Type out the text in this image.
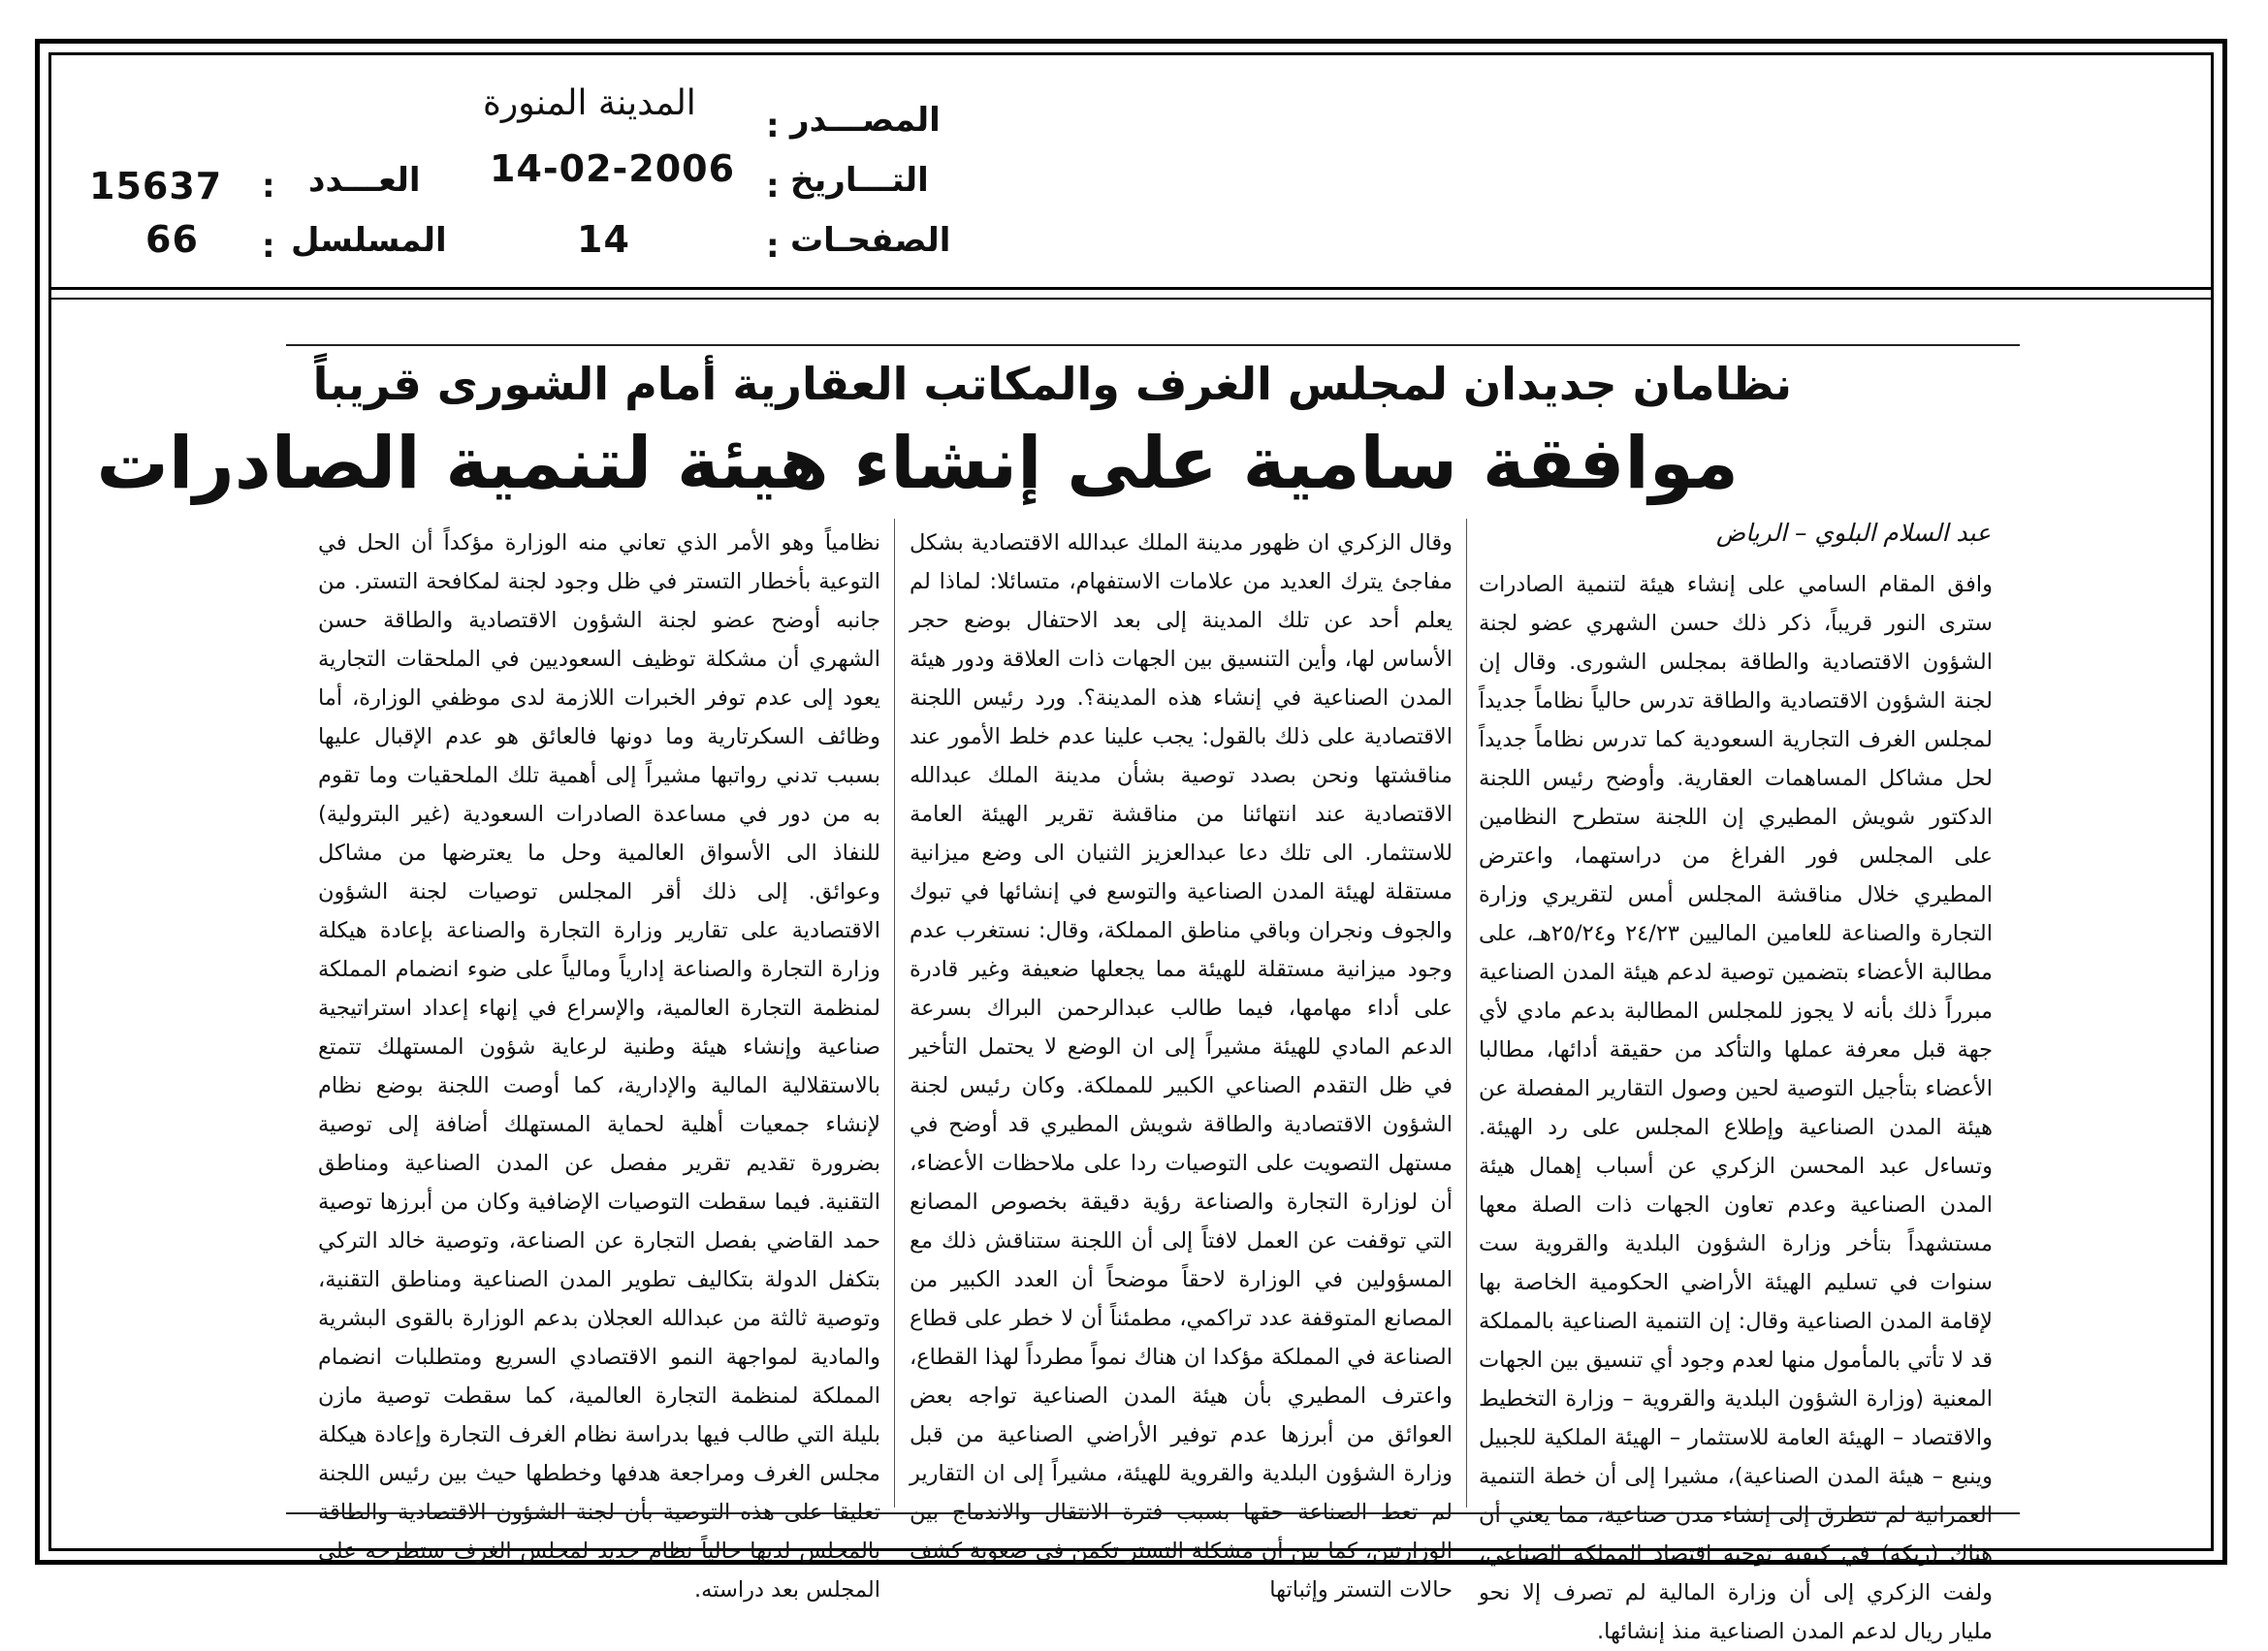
المدينة المنورة
: المصـــدر
14-02-2006 : التـــاريخ
14	: الصفحـات
15637 : العـــدد
66 : المسلسل
نظامان جديدان لمجلس الغرف والمكاتب العقارية أمام الشورى قريباً
موافقة سامية على إنشاء هيئة لتنمية الصادرات
عبد السلام البلوي – الرياض

وافق المقام السامي على إنشاء هيئة لتنمية الصادرات سترى النور قريباً، ذكر ذلك حسن الشهري عضو لجنة الشؤون الاقتصادية والطاقة بمجلس الشورى. وقال إن لجنة الشؤون الاقتصادية والطاقة تدرس حالياً نظاماً جديداً لمجلس الغرف التجارية السعودية كما تدرس نظاماً جديداً لحل مشاكل المساهمات العقارية. وأوضح رئيس اللجنة الدكتور شويش المطيري إن اللجنة ستطرح النظامين على المجلس فور الفراغ من دراستهما، واعترض المطيري خلال مناقشة المجلس أمس لتقريري وزارة التجارة والصناعة للعامين الماليين ٢٤/٢٣ و٢٥/٢٤هـ، على مطالبة الأعضاء بتضمين توصية لدعم هيئة المدن الصناعية مبرراً ذلك بأنه لا يجوز للمجلس المطالبة بدعم مادي لأي جهة قبل معرفة عملها والتأكد من حقيقة أدائها، مطالبا الأعضاء بتأجيل التوصية لحين وصول التقارير المفصلة عن هيئة المدن الصناعية وإطلاع المجلس على رد الهيئة. وتساءل عبد المحسن الزكري عن أسباب إهمال هيئة المدن الصناعية وعدم تعاون الجهات ذات الصلة معها مستشهداً بتأخر وزارة الشؤون البلدية والقروية ست سنوات في تسليم الهيئة الأراضي الحكومية الخاصة بها لإقامة المدن الصناعية وقال: إن التنمية الصناعية بالمملكة قد لا تأتي بالمأمول منها لعدم وجود أي تنسيق بين الجهات المعنية (وزارة الشؤون البلدية والقروية – وزارة التخطيط والاقتصاد – الهيئة العامة للاستثمار – الهيئة الملكية للجبيل وينبع – هيئة المدن الصناعية)، مشيرا إلى أن خطة التنمية العمرانية لم تتطرق إلى إنشاء مدن صناعية، مما يعني أن هناك (ربكة) في كيفية توجيه اقتصاد المملكة الصناعي، ولفت الزكري إلى أن وزارة المالية لم تصرف إلا نحو مليار ريال لدعم المدن الصناعية منذ إنشائها.

وقال الزكري ان ظهور مدينة الملك عبدالله الاقتصادية بشكل مفاجئ يترك العديد من علامات الاستفهام، متسائلا: لماذا لم يعلم أحد عن تلك المدينة إلى بعد الاحتفال بوضع حجر الأساس لها، وأين التنسيق بين الجهات ذات العلاقة ودور هيئة المدن الصناعية في إنشاء هذه المدينة؟. ورد رئيس اللجنة الاقتصادية على ذلك بالقول: يجب علينا عدم خلط الأمور عند مناقشتها ونحن بصدد توصية بشأن مدينة الملك عبدالله الاقتصادية عند انتهائنا من مناقشة تقرير الهيئة العامة للاستثمار. الى تلك دعا عبدالعزيز الثنيان الى وضع ميزانية مستقلة لهيئة المدن الصناعية والتوسع في إنشائها في تبوك والجوف ونجران وباقي مناطق المملكة، وقال: نستغرب عدم وجود ميزانية مستقلة للهيئة مما يجعلها ضعيفة وغير قادرة على أداء مهامها، فيما طالب عبدالرحمن البراك بسرعة الدعم المادي للهيئة مشيراً إلى ان الوضع لا يحتمل التأخير في ظل التقدم الصناعي الكبير للمملكة. وكان رئيس لجنة الشؤون الاقتصادية والطاقة شويش المطيري قد أوضح في مستهل التصويت على التوصيات ردا على ملاحظات الأعضاء، أن لوزارة التجارة والصناعة رؤية دقيقة بخصوص المصانع التي توقفت عن العمل لافتاً إلى أن اللجنة ستناقش ذلك مع المسؤولين في الوزارة لاحقاً موضحاً أن العدد الكبير من المصانع المتوقفة عدد تراكمي، مطمئناً أن لا خطر على قطاع الصناعة في المملكة مؤكدا ان هناك نمواً مطرداً لهذا القطاع، واعترف المطيري بأن هيئة المدن الصناعية تواجه بعض العوائق من أبرزها عدم توفير الأراضي الصناعية من قبل وزارة الشؤون البلدية والقروية للهيئة، مشيراً إلى ان التقارير لم تعط الصناعة حقها بسبب فترة الانتقال والاندماج بين الوزارتين، كما بين أن مشكلة التستر تكمن في صعوبة كشف حالات التستر وإثباتها

نظامياً وهو الأمر الذي تعاني منه الوزارة مؤكداً أن الحل في التوعية بأخطار التستر في ظل وجود لجنة لمكافحة التستر. من جانبه أوضح عضو لجنة الشؤون الاقتصادية والطاقة حسن الشهري أن مشكلة توظيف السعوديين في الملحقات التجارية يعود إلى عدم توفر الخبرات اللازمة لدى موظفي الوزارة، أما وظائف السكرتارية وما دونها فالعائق هو عدم الإقبال عليها بسبب تدني رواتبها مشيراً إلى أهمية تلك الملحقيات وما تقوم به من دور في مساعدة الصادرات السعودية (غير البترولية) للنفاذ الى الأسواق العالمية وحل ما يعترضها من مشاكل وعوائق. إلى ذلك أقر المجلس توصيات لجنة الشؤون الاقتصادية على تقارير وزارة التجارة والصناعة بإعادة هيكلة وزارة التجارة والصناعة إدارياً ومالياً على ضوء انضمام المملكة لمنظمة التجارة العالمية، والإسراع في إنهاء إعداد استراتيجية صناعية وإنشاء هيئة وطنية لرعاية شؤون المستهلك تتمتع بالاستقلالية المالية والإدارية، كما أوصت اللجنة بوضع نظام لإنشاء جمعيات أهلية لحماية المستهلك أضافة إلى توصية بضرورة تقديم تقرير مفصل عن المدن الصناعية ومناطق التقنية. فيما سقطت التوصيات الإضافية وكان من أبرزها توصية حمد القاضي بفصل التجارة عن الصناعة، وتوصية خالد التركي بتكفل الدولة بتكاليف تطوير المدن الصناعية ومناطق التقنية، وتوصية ثالثة من عبدالله العجلان بدعم الوزارة بالقوى البشرية والمادية لمواجهة النمو الاقتصادي السريع ومتطلبات انضمام المملكة لمنظمة التجارة العالمية، كما سقطت توصية مازن بليلة التي طالب فيها بدراسة نظام الغرف التجارة وإعادة هيكلة مجلس الغرف ومراجعة هدفها وخططها حيث بين رئيس اللجنة تعليقا على هذه التوصية بأن لجنة الشؤون الاقتصادية والطاقة بالمجلس لديها حالياً نظام جديد لمجلس الغرف ستطرحه على المجلس بعد دراسته.
